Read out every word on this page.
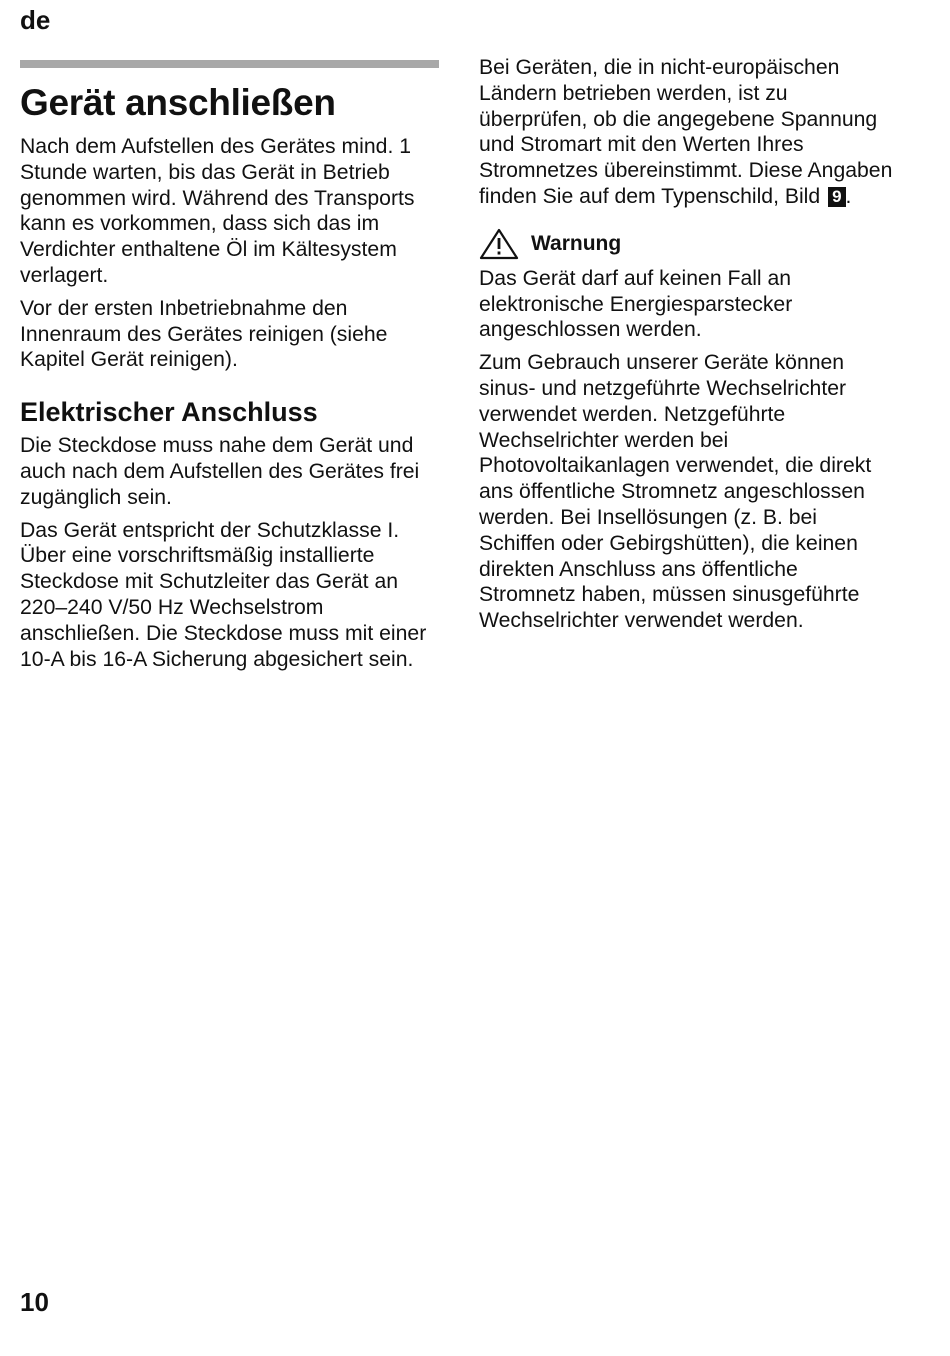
de
Gerät anschließen

Nach dem Aufstellen des Gerätes mind. 1 Stunde warten, bis das Gerät in Betrieb genommen wird. Während des Transports kann es vorkommen, dass sich das im Verdichter enthaltene Öl im Kältesystem verlagert.

Vor der ersten Inbetriebnahme den Innenraum des Gerätes reinigen (siehe Kapitel Gerät reinigen).

Elektrischer Anschluss

Die Steckdose muss nahe dem Gerät und auch nach dem Aufstellen des Gerätes frei zugänglich sein.

Das Gerät entspricht der Schutzklasse I. Über eine vorschriftsmäßig installierte Steckdose mit Schutzleiter das Gerät an 220–240 V/50 Hz Wechselstrom anschließen. Die Steckdose muss mit einer 10-A bis 16-A Sicherung abgesichert sein.

Bei Geräten, die in nicht-europäischen Ländern betrieben werden, ist zu überprüfen, ob die angegebene Spannung und Stromart mit den Werten Ihres Stromnetzes übereinstimmt. Diese Angaben finden Sie auf dem Typenschild, Bild 9 .

Warnung

Das Gerät darf auf keinen Fall an elektronische Energiesparstecker angeschlossen werden.

Zum Gebrauch unserer Geräte können sinus- und netzgeführte Wechselrichter verwendet werden. Netzgeführte Wechselrichter werden bei Photovoltaikanlagen verwendet, die direkt ans öffentliche Stromnetz angeschlossen werden. Bei Insellösungen (z. B. bei Schiffen oder Gebirgshütten), die keinen direkten Anschluss ans öffentliche Stromnetz haben, müssen sinusgeführte Wechselrichter verwendet werden.

10
